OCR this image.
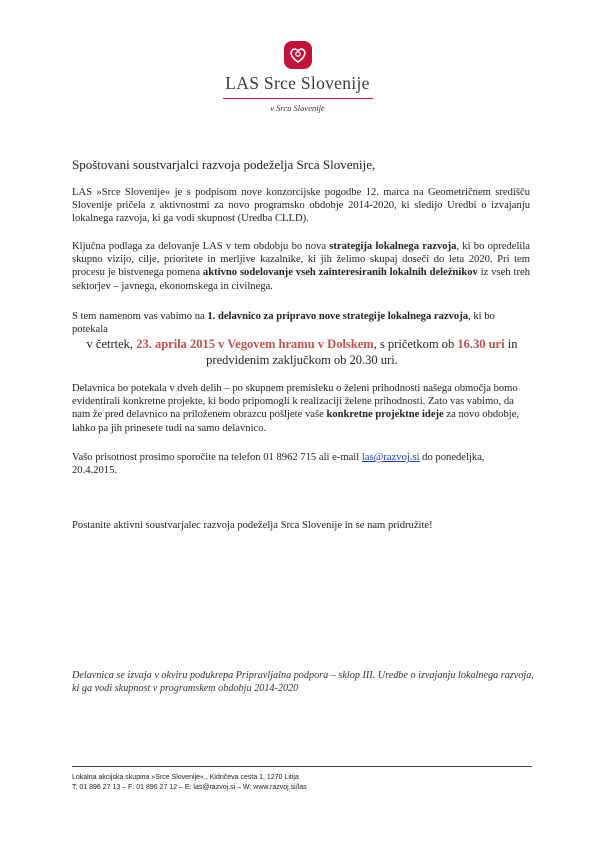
LAS Srce Slovenije
v Srcu Slovenije
Spoštovani soustvarjalci razvoja podeželja Srca Slovenije,
LAS »Srce Slovenije« je s podpisom nove konzorcijske pogodbe 12. marca na Geometričnem središču Slovenije pričela z aktivnostmi za novo programsko obdobje 2014-2020, ki sledijo Uredbi o izvajanju lokalnega razvoja, ki ga vodi skupnost (Uredba CLLD).
Ključna podlaga za delovanje LAS v tem obdobju bo nova strategija lokalnega razvoja, ki bo opredelila skupno vizijo, cilje, prioritete in merljive kazalnike, ki jih želimo skupaj doseči do leta 2020. Pri tem procesu je bistvenega pomena aktivno sodelovanje vseh zainteresiranih lokalnih deležnikov iz vseh treh sektorjev – javnega, ekonomskega in civilnega.
S tem namenom vas vabimo na 1. delavnico za pripravo nove strategije lokalnega razvoja, ki bo potekala
v četrtek, 23. aprila 2015 v Vegovem hramu v Dolskem, s pričetkom ob 16.30 uri in predvidenim zaključkom ob 20.30 uri.
Delavnica bo potekala v dveh delih – po skupnem premisleku o želeni prihodnosti našega območja bomo evidentirali konkretne projekte, ki bodo pripomogli k realizaciji želene prihodnosti. Zato vas vabimo, da nam že pred delavnico na priloženem obrazcu pošljete vaše konkretne projektne ideje za novo obdobje, lahko pa jih prinesete tudi na samo delavnico.
Vašo prisotnost prosimo sporočite na telefon 01 8962 715 ali e-mail las@razvoj.si do ponedeljka, 20.4.2015.
Postanite aktivni soustvarjalec razvoja podeželja Srca Slovenije in se nam pridružite!
Delavnica se izvaja v okviru podukrepa Pripravljalna podpora – sklop III. Uredbe o izvajanju lokalnega razvoja, ki ga vodi skupnost v programskem obdobju 2014-2020
Lokalna akcijska skupina »Srce Slovenije«., Kidričeva cesta 1, 1270 Litija
T: 01 896 27 13 – F: 01 896 27 12 – E: las@razvoj.si – W: www.razvoj.si/las
